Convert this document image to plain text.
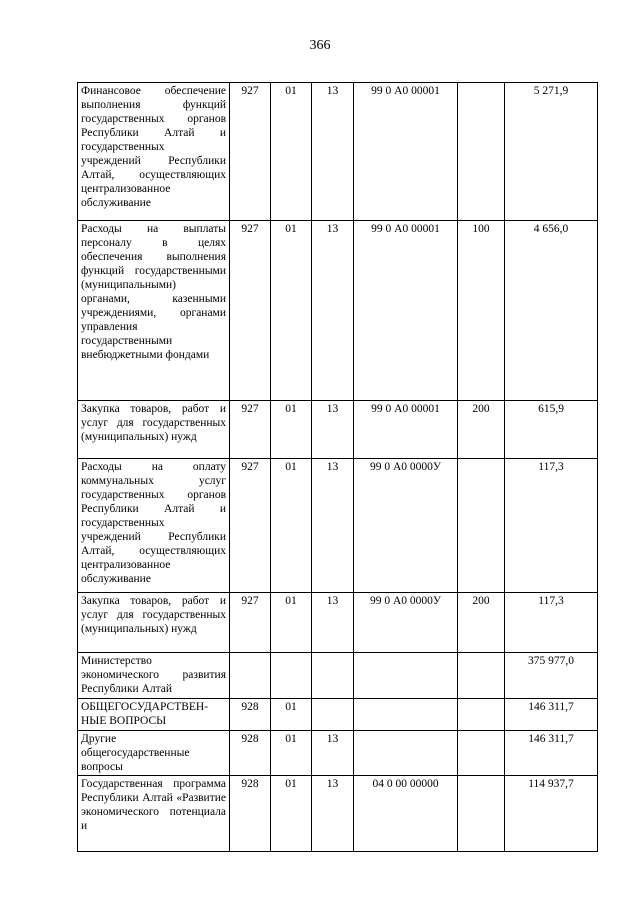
366
Финансовое обеспечение выполнения функций государственных органов Республики Алтай и государственных учреждений Республики Алтай, осуществляющих централизованное обслуживание	927	01	13	99 0 А0 00001		5 271,9
Расходы на выплаты персоналу в целях обеспечения выполнения функций государственными (муниципальными) органами, казенными учреждениями, органами управления государственными внебюджетными фондами	927	01	13	99 0 А0 00001	100	4 656,0
Закупка товаров, работ и услуг для государственных (муниципальных) нужд	927	01	13	99 0 А0 00001	200	615,9
Расходы на оплату коммунальных услуг государственных органов Республики Алтай и государственных учреждений Республики Алтай, осуществляющих централизованное обслуживание	927	01	13	99 0 А0 0000У		117,3
Закупка товаров, работ и услуг для государственных (муниципальных) нужд	927	01	13	99 0 А0 0000У	200	117,3
Министерство экономического развития Республики Алтай						375 977,0
ОБЩЕГОСУДАРСТВЕН-НЫЕ ВОПРОСЫ	928	01				146 311,7
Другие общегосударственные вопросы	928	01	13			146 311,7
Государственная программа Республики Алтай «Развитие экономического потенциала и	928	01	13	04 0 00 00000		114 937,7
